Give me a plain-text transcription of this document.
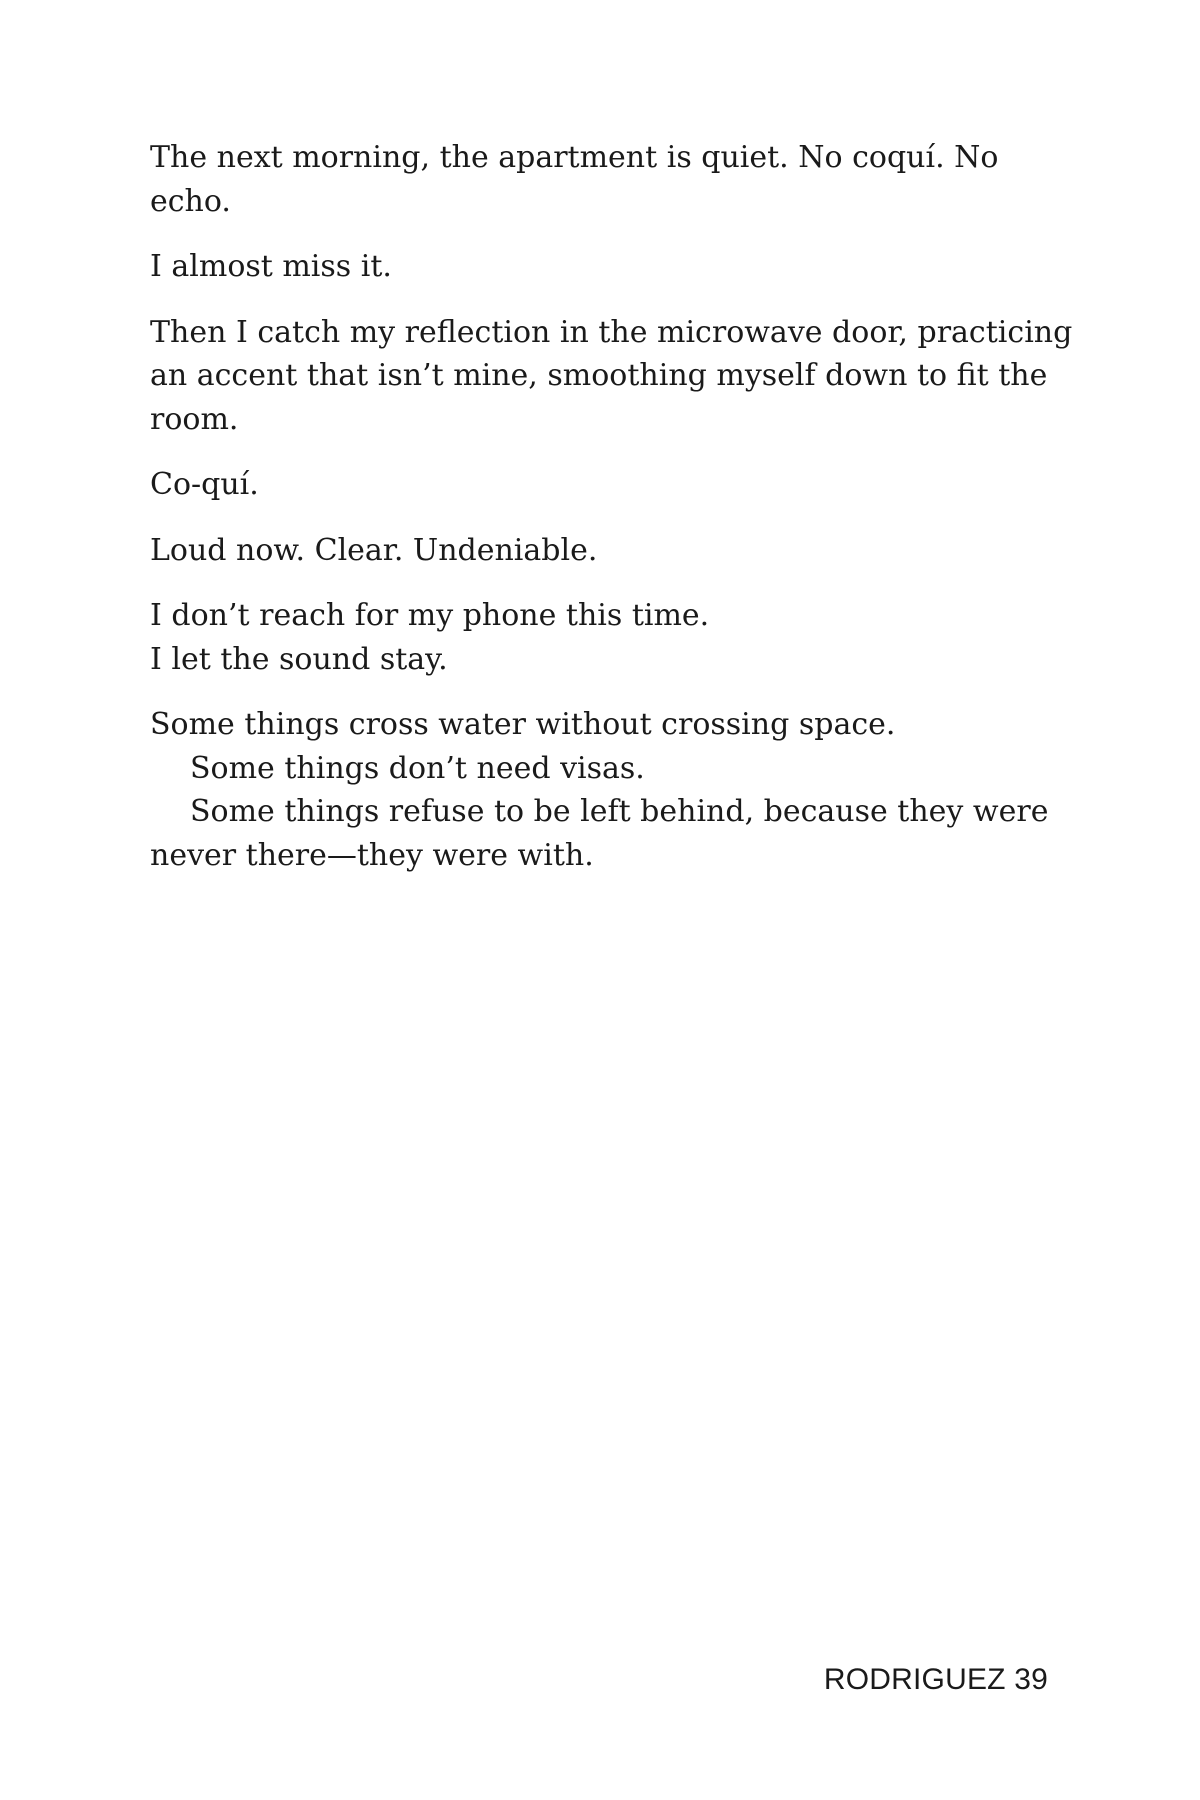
The next morning, the apartment is quiet. No coquí. No
echo.

I almost miss it.

Then I catch my reflection in the microwave door, practicing
an accent that isn’t mine, smoothing myself down to fit the
room.

Co-quí.

Loud now. Clear. Undeniable.

I don’t reach for my phone this time.
I let the sound stay.

Some things cross water without crossing space.
Some things don’t need visas.
Some things refuse to be left behind, because they were
never there—they were with.

RODRIGUEZ 39
